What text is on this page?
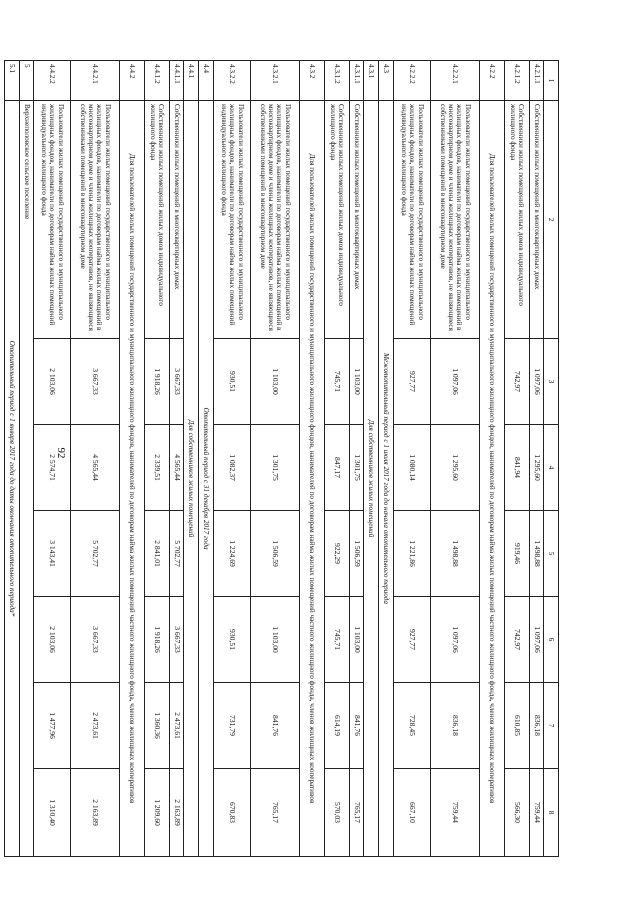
92
1	2	3	4	5	6	7	8
4.2.1.1	Собственники жилых помещений в многоквартирных домах	1 097,06	1 295,60	1 498,88	1 097,06	836,18	759,44
4.2.1.2	Собственники жилых помещений жилых домов индивидуального жилищного фонда	742,97	841,94	919,46	742,97	610,85	566,30
4.2.2	Для пользователей жилых помещений государственного и муниципального жилищного фондов, нанимателей по договорам найма жилых помещений частного жилищного фонда, членов жилищных кооперативов						
4.2.2.1	Пользователи жилых помещений государственного и муниципального жилищных фондов, наниматели по договорам найма жилых помещений в многоквартирном доме и члены жилищных кооперативов, не являющиеся собственниками помещений в многоквартирном доме	1 097,06	1 295,60	1 498,88	1 097,06	836,18	759,44
4.2.2.2	Пользователи жилых помещений государственного и муниципального жилищных фондов, наниматели по договорам найма жилых помещений индивидуального жилищного фонда	927,77	1 080,14	1 221,86	927,77	728,45	667,10
4.3	Межотопительный период с 1 июля 2017 года до начала отопительного периода						
4.3.1	Для собственников жилых помещений						
4.3.1.1	Собственники жилых помещений в многоквартирных домах	1 103,00	1 301,75	1 506,59	1 103,00	841,76	765,17
4.3.1.2	Собственники жилых помещений жилых домов индивидуального жилищного фонда	745,71	847,17	922,29	745,71	614,19	570,03
4.3.2	Для пользователей жилых помещений государственного и муниципального жилищного фондов, нанимателей по договорам найма жилых помещений частного жилищного фонда, членов жилищных кооперативов						
4.3.2.1	Пользователи жилых помещений государственного и муниципального жилищных фондов, наниматели по договорам найма жилых помещений в многоквартирном доме и члены жилищных кооперативов, не являющиеся собственниками помещений в многоквартирном доме	1 103,00	1 301,75	1 506,59	1 103,00	841,76	765,17
4.3.2.2	Пользователи жилых помещений государственного и муниципального жилищных фондов, наниматели по договорам найма жилых помещений индивидуального жилищного фонда	930,51	1 082,37	1 224,69	930,51	731,79	670,83
4.4	Отопительный период с 31 декабря 2017 года						
4.4.1	Для собственников жилых помещений						
4.4.1.1	Собственники жилых помещений в многоквартирных домах	3 667,33	4 565,44	5 702,77	3 667,33	2 473,61	2 163,89
4.4.1.2	Собственники жилых помещений жилых домов индивидуального жилищного фонда	1 918,26	2 339,51	2 841,01	1 918,26	1 360,36	1 209,60
4.4.2	Для пользователей жилых помещений государственного и муниципального жилищного фондов, нанимателей по договорам найма жилых помещений частного жилищного фонда, членов жилищных кооперативов						
4.4.2.1	Пользователи жилых помещений государственного и муниципального жилищных фондов, наниматели по договорам найма жилых помещений в многоквартирном доме и члены жилищных кооперативов, не являющиеся собственниками помещений в многоквартирном доме	3 667,33	4 565,44	5 702,77	3 667,33	2 473,61	2 163,89
4.4.2.2	Пользователи жилых помещений государственного и муниципального жилищных фондов, наниматели по договорам найма жилых помещений индивидуального жилищного фонда	2 103,06	2 574,71	3 143,41	2 103,06	1 477,96	1 310,40
5	Верхнеполовское сельское поселение						
5.1	Отопительный период с 1 января 2017 года до даты окончания отопительного периода*						
